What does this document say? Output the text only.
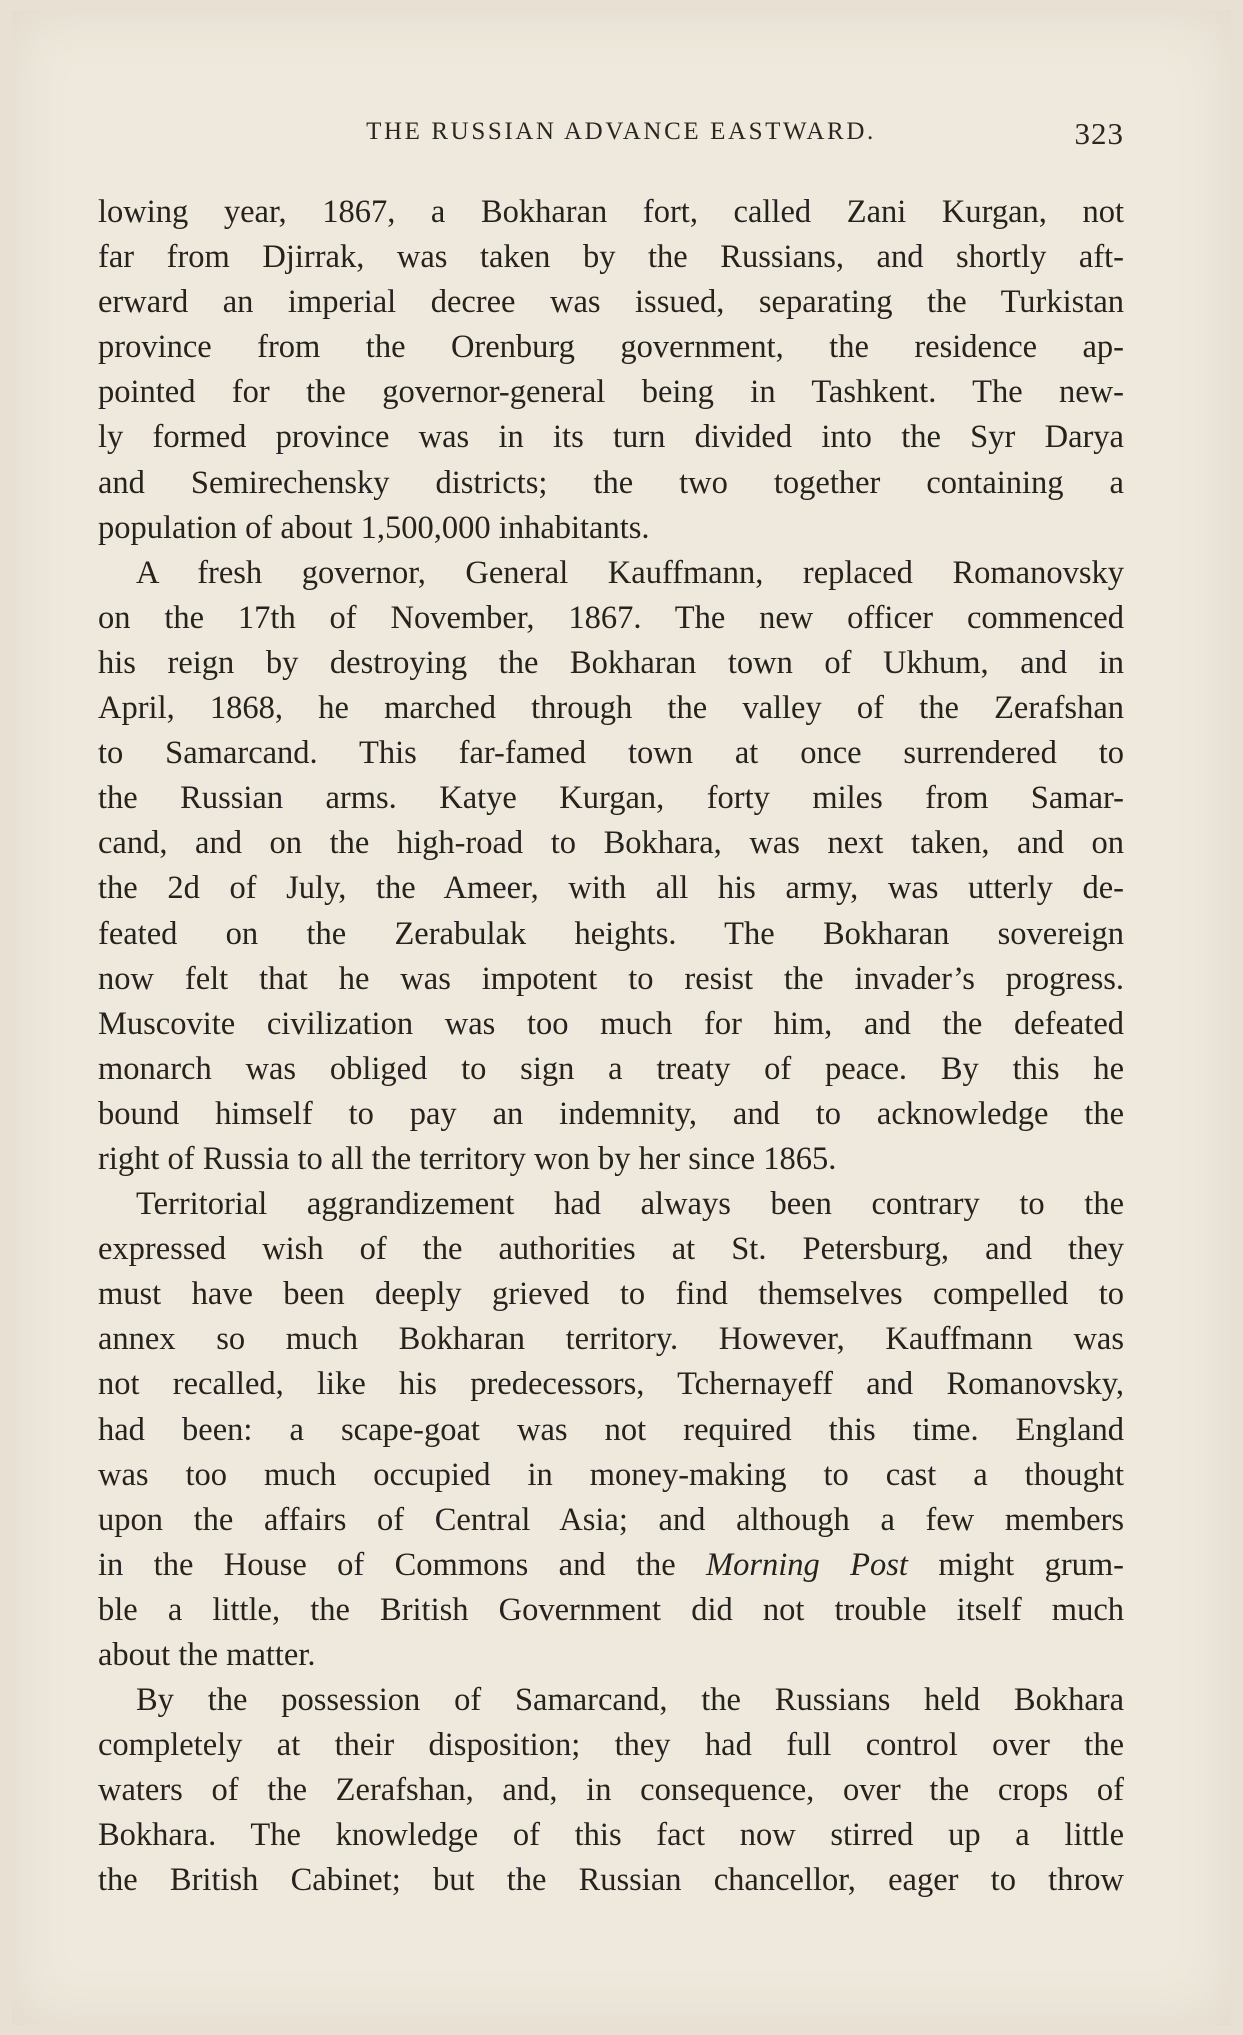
THE RUSSIAN ADVANCE EASTWARD.	323
lowing year, 1867, a Bokharan fort, called Zani Kurgan, not
far from Djirrak, was taken by the Russians, and shortly aft-
erward an imperial decree was issued, separating the Turkistan
province from the Orenburg government, the residence ap-
pointed for the governor-general being in Tashkent. The new-
ly formed province was in its turn divided into the Syr Darya
and Semirechensky districts; the two together containing a
population of about 1,500,000 inhabitants.
A fresh governor, General Kauffmann, replaced Romanovsky
on the 17th of November, 1867. The new officer commenced
his reign by destroying the Bokharan town of Ukhum, and in
April, 1868, he marched through the valley of the Zerafshan
to Samarcand. This far-famed town at once surrendered to
the Russian arms. Katye Kurgan, forty miles from Samar-
cand, and on the high-road to Bokhara, was next taken, and on
the 2d of July, the Ameer, with all his army, was utterly de-
feated on the Zerabulak heights. The Bokharan sovereign
now felt that he was impotent to resist the invader’s progress.
Muscovite civilization was too much for him, and the defeated
monarch was obliged to sign a treaty of peace. By this he
bound himself to pay an indemnity, and to acknowledge the
right of Russia to all the territory won by her since 1865.
Territorial aggrandizement had always been contrary to the
expressed wish of the authorities at St. Petersburg, and they
must have been deeply grieved to find themselves compelled to
annex so much Bokharan territory. However, Kauffmann was
not recalled, like his predecessors, Tchernayeff and Romanovsky,
had been: a scape-goat was not required this time. England
was too much occupied in money-making to cast a thought
upon the affairs of Central Asia; and although a few members
in the House of Commons and the Morning Post might grum-
ble a little, the British Government did not trouble itself much
about the matter.
By the possession of Samarcand, the Russians held Bokhara
completely at their disposition; they had full control over the
waters of the Zerafshan, and, in consequence, over the crops of
Bokhara. The knowledge of this fact now stirred up a little
the British Cabinet; but the Russian chancellor, eager to throw
